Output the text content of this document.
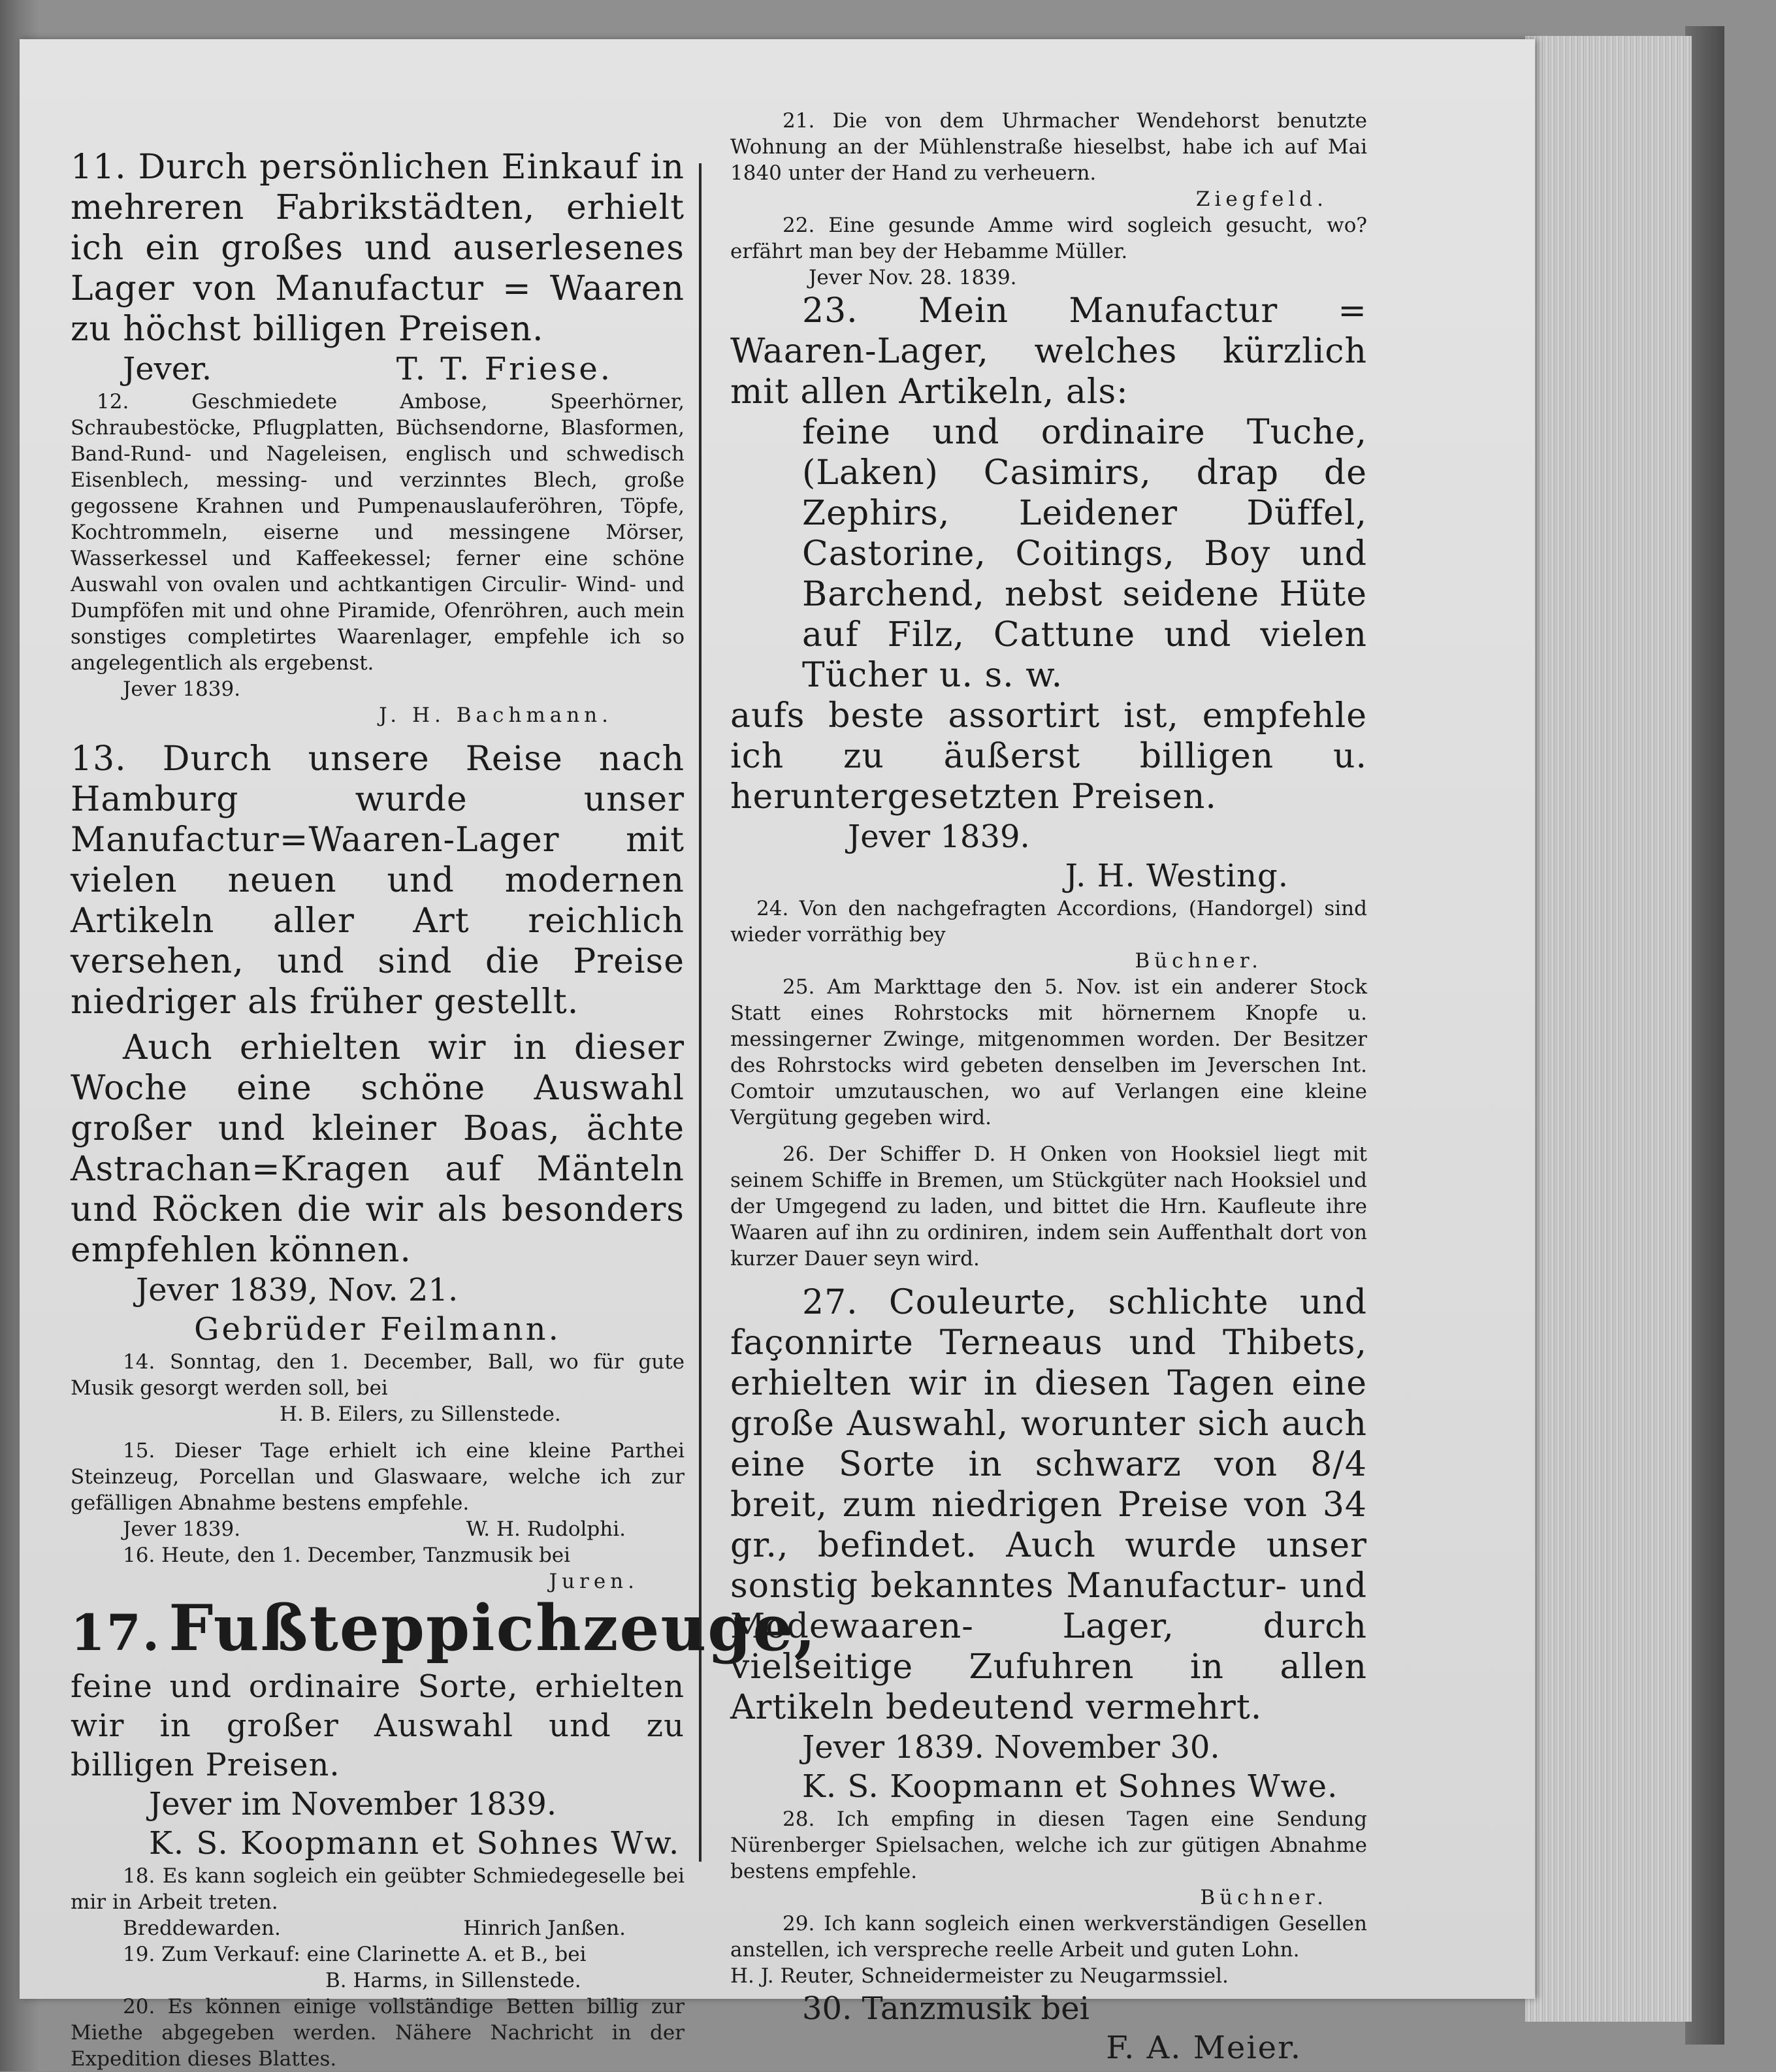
11. Durch persönlichen Einkauf in mehreren Fabrikstädten, erhielt ich ein großes und auserlesenes Lager von Manufactur = Waaren zu höchst billigen Preisen.
Jever.	T. T. Friese.
12. Geschmiedete Ambose, Speerhörner, Schraubestöcke, Pflugplatten, Büchsendorne, Blasformen, Band-Rund- und Nageleisen, englisch und schwedisch Eisenblech, messing- und verzinntes Blech, große gegossene Krahnen und Pumpenauslauferöhren, Töpfe, Kochtrommeln, eiserne und messingene Mörser, Wasserkessel und Kaffeekessel; ferner eine schöne Auswahl von ovalen und achtkantigen Circulir- Wind- und Dumpföfen mit und ohne Piramide, Ofenröhren, auch mein sonstiges completirtes Waarenlager, empfehle ich so angelegentlich als ergebenst.
Jever 1839.
J. H. Bachmann.
13. Durch unsere Reise nach Hamburg wurde unser Manufactur=Waaren-Lager mit vielen neuen und modernen Artikeln aller Art reichlich versehen, und sind die Preise niedriger als früher gestellt.
Auch erhielten wir in dieser Woche eine schöne Auswahl großer und kleiner Boas, ächte Astrachan=Kragen auf Mänteln und Röcken die wir als besonders empfehlen können.
Jever 1839, Nov. 21.
Gebrüder Feilmann.
14. Sonntag, den 1. December, Ball, wo für gute Musik gesorgt werden soll, bei
H. B. Eilers, zu Sillenstede.
15. Dieser Tage erhielt ich eine kleine Parthei Steinzeug, Porcellan und Glaswaare, welche ich zur gefälligen Abnahme bestens empfehle.
Jever 1839.	W. H. Rudolphi.
16. Heute, den 1. December, Tanzmusik bei
Juren.
17. Fußteppichzeuge,
feine und ordinaire Sorte, erhielten wir in großer Auswahl und zu billigen Preisen.
Jever im November 1839.
K. S. Koopmann et Sohnes Ww.
18. Es kann sogleich ein geübter Schmiedegeselle bei mir in Arbeit treten.
Breddewarden.	Hinrich Janßen.
19. Zum Verkauf: eine Clarinette A. et B., bei
B. Harms, in Sillenstede.
20. Es können einige vollständige Betten billig zur Miethe abgegeben werden. Nähere Nachricht in der Expedition dieses Blattes.
21. Die von dem Uhrmacher Wendehorst benutzte Wohnung an der Mühlenstraße hieselbst, habe ich auf Mai 1840 unter der Hand zu verheuern.
Ziegfeld.
22. Eine gesunde Amme wird sogleich gesucht, wo? erfährt man bey der Hebamme Müller.
Jever Nov. 28. 1839.
23. Mein Manufactur = Waaren-Lager, welches kürzlich mit allen Artikeln, als:
feine und ordinaire Tuche, (Laken) Casimirs, drap de Zephirs, Leidener Düffel, Castorine, Coitings, Boy und Barchend, nebst seidene Hüte auf Filz, Cattune und vielen Tücher u. s. w.
aufs beste assortirt ist, empfehle ich zu äußerst billigen u. heruntergesetzten Preisen.
Jever 1839.
J. H. Westing.
24. Von den nachgefragten Accordions, (Handorgel) sind wieder vorräthig bey
Büchner.
25. Am Markttage den 5. Nov. ist ein anderer Stock Statt eines Rohrstocks mit hörnernem Knopfe u. messingerner Zwinge, mitgenommen worden. Der Besitzer des Rohrstocks wird gebeten denselben im Jeverschen Int. Comtoir umzutauschen, wo auf Verlangen eine kleine Vergütung gegeben wird.
26. Der Schiffer D. H Onken von Hooksiel liegt mit seinem Schiffe in Bremen, um Stückgüter nach Hooksiel und der Umgegend zu laden, und bittet die Hrn. Kaufleute ihre Waaren auf ihn zu ordiniren, indem sein Auffenthalt dort von kurzer Dauer seyn wird.
27. Couleurte, schlichte und façonnirte Terneaus und Thibets, erhielten wir in diesen Tagen eine große Auswahl, worunter sich auch eine Sorte in schwarz von 8/4 breit, zum niedrigen Preise von 34 gr., befindet. Auch wurde unser sonstig bekanntes Manufactur- und Modewaaren- Lager, durch vielseitige Zufuhren in allen Artikeln bedeutend vermehrt.
Jever 1839. November 30.
K. S. Koopmann et Sohnes Wwe.
28. Ich empfing in diesen Tagen eine Sendung Nürenberger Spielsachen, welche ich zur gütigen Abnahme bestens empfehle.
Büchner.
29. Ich kann sogleich einen werkverständigen Gesellen anstellen, ich verspreche reelle Arbeit und guten Lohn.
H. J. Reuter, Schneidermeister zu Neugarmssiel.
30. Tanzmusik bei
F. A. Meier.
